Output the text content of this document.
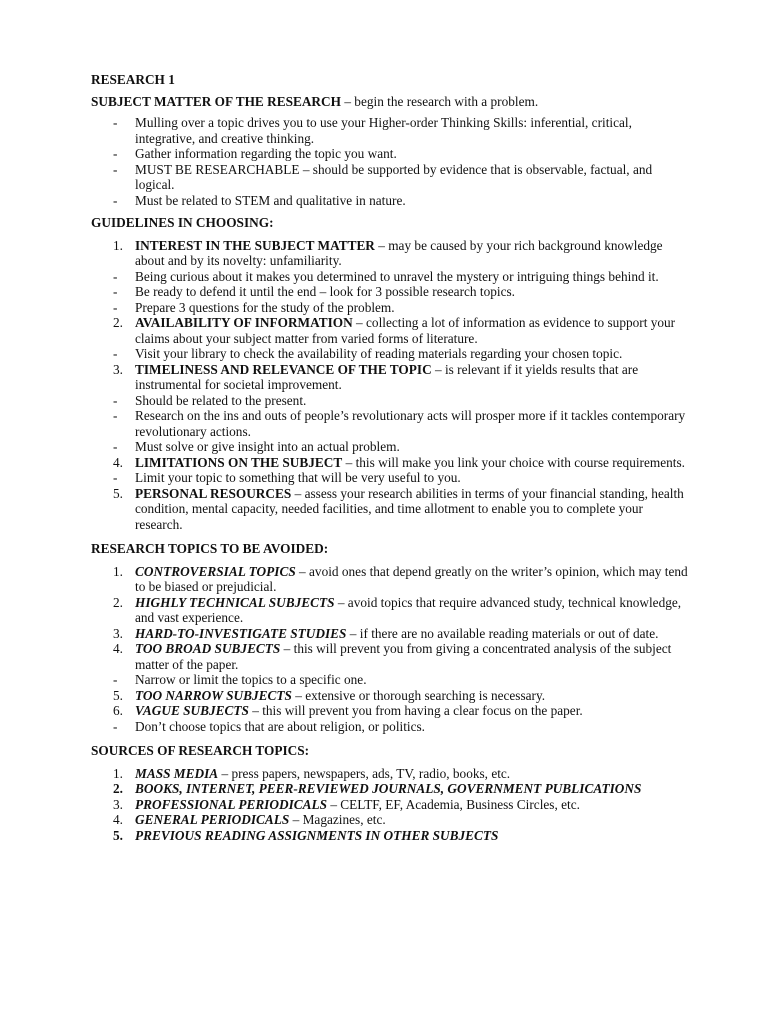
RESEARCH 1

SUBJECT MATTER OF THE RESEARCH – begin the research with a problem.

-	Mulling over a topic drives you to use your Higher-order Thinking Skills: inferential, critical, integrative, and creative thinking.
-	Gather information regarding the topic you want.
-	MUST BE RESEARCHABLE – should be supported by evidence that is observable, factual, and logical.
-	Must be related to STEM and qualitative in nature.

GUIDELINES IN CHOOSING:

1. INTEREST IN THE SUBJECT MATTER – may be caused by your rich background knowledge about and by its novelty: unfamiliarity.
-	Being curious about it makes you determined to unravel the mystery or intriguing things behind it.
-	Be ready to defend it until the end – look for 3 possible research topics.
-	Prepare 3 questions for the study of the problem.
2. AVAILABILITY OF INFORMATION – collecting a lot of information as evidence to support your claims about your subject matter from varied forms of literature.
-	Visit your library to check the availability of reading materials regarding your chosen topic.
3. TIMELINESS AND RELEVANCE OF THE TOPIC – is relevant if it yields results that are instrumental for societal improvement.
-	Should be related to the present.
-	Research on the ins and outs of people’s revolutionary acts will prosper more if it tackles contemporary revolutionary actions.
-	Must solve or give insight into an actual problem.
4. LIMITATIONS ON THE SUBJECT – this will make you link your choice with course requirements.
-	Limit your topic to something that will be very useful to you.
5. PERSONAL RESOURCES – assess your research abilities in terms of your financial standing, health condition, mental capacity, needed facilities, and time allotment to enable you to complete your research.

RESEARCH TOPICS TO BE AVOIDED:

1. CONTROVERSIAL TOPICS – avoid ones that depend greatly on the writer’s opinion, which may tend to be biased or prejudicial.
2. HIGHLY TECHNICAL SUBJECTS – avoid topics that require advanced study, technical knowledge, and vast experience.
3. HARD-TO-INVESTIGATE STUDIES – if there are no available reading materials or out of date.
4. TOO BROAD SUBJECTS – this will prevent you from giving a concentrated analysis of the subject matter of the paper.
-	Narrow or limit the topics to a specific one.
5. TOO NARROW SUBJECTS – extensive or thorough searching is necessary.
6. VAGUE SUBJECTS – this will prevent you from having a clear focus on the paper.
-	Don’t choose topics that are about religion, or politics.

SOURCES OF RESEARCH TOPICS:

1. MASS MEDIA – press papers, newspapers, ads, TV, radio, books, etc.
2. BOOKS, INTERNET, PEER-REVIEWED JOURNALS, GOVERNMENT PUBLICATIONS
3. PROFESSIONAL PERIODICALS – CELTF, EF, Academia, Business Circles, etc.
4. GENERAL PERIODICALS – Magazines, etc.
5. PREVIOUS READING ASSIGNMENTS IN OTHER SUBJECTS
